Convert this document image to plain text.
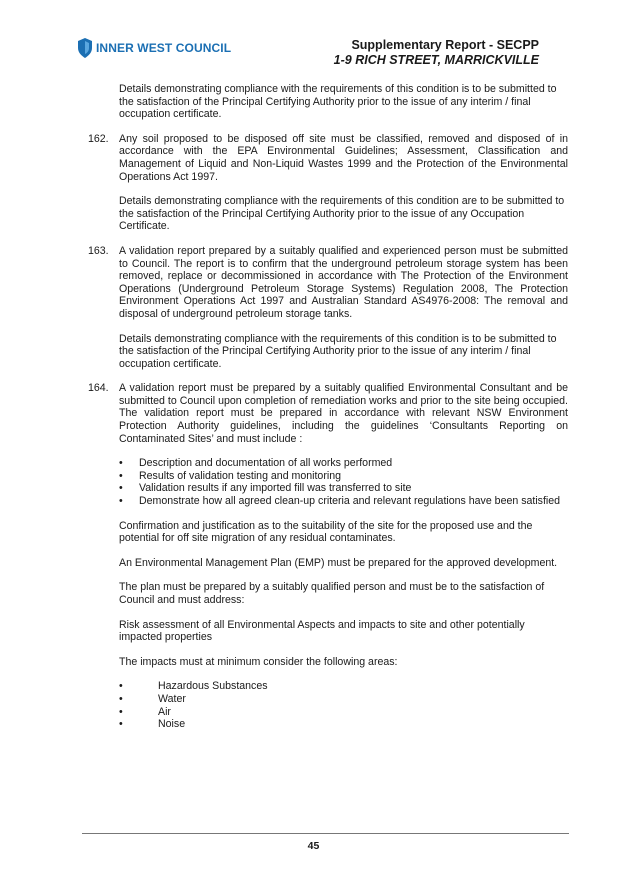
INNER WEST COUNCIL	Supplementary Report - SECPP
1-9 RICH STREET, MARRICKVILLE

Details demonstrating compliance with the requirements of this condition is to be submitted to the satisfaction of the Principal Certifying Authority prior to the issue of any interim / final occupation certificate.

162. Any soil proposed to be disposed off site must be classified, removed and disposed of in accordance with the EPA Environmental Guidelines; Assessment, Classification and Management of Liquid and Non-Liquid Wastes 1999 and the Protection of the Environmental Operations Act 1997.

Details demonstrating compliance with the requirements of this condition are to be submitted to the satisfaction of the Principal Certifying Authority prior to the issue of any Occupation Certificate.

163. A validation report prepared by a suitably qualified and experienced person must be submitted to Council. The report is to confirm that the underground petroleum storage system has been removed, replace or decommissioned in accordance with The Protection of the Environment Operations (Underground Petroleum Storage Systems) Regulation 2008, The Protection Environment Operations Act 1997 and Australian Standard AS4976-2008: The removal and disposal of underground petroleum storage tanks.

Details demonstrating compliance with the requirements of this condition is to be submitted to the satisfaction of the Principal Certifying Authority prior to the issue of any interim / final occupation certificate.

164. A validation report must be prepared by a suitably qualified Environmental Consultant and be submitted to Council upon completion of remediation works and prior to the site being occupied. The validation report must be prepared in accordance with relevant NSW Environment Protection Authority guidelines, including the guidelines ‘Consultants Reporting on Contaminated Sites’ and must include :
•	Description and documentation of all works performed
•	Results of validation testing and monitoring
•	Validation results if any imported fill was transferred to site
•	Demonstrate how all agreed clean-up criteria and relevant regulations have been satisfied

Confirmation and justification as to the suitability of the site for the proposed use and the potential for off site migration of any residual contaminates.

An Environmental Management Plan (EMP) must be prepared for the approved development.

The plan must be prepared by a suitably qualified person and must be to the satisfaction of Council and must address:

Risk assessment of all Environmental Aspects and impacts to site and other potentially impacted properties

The impacts must at minimum consider the following areas:

•	Hazardous Substances
•	Water
•	Air
•	Noise
45
